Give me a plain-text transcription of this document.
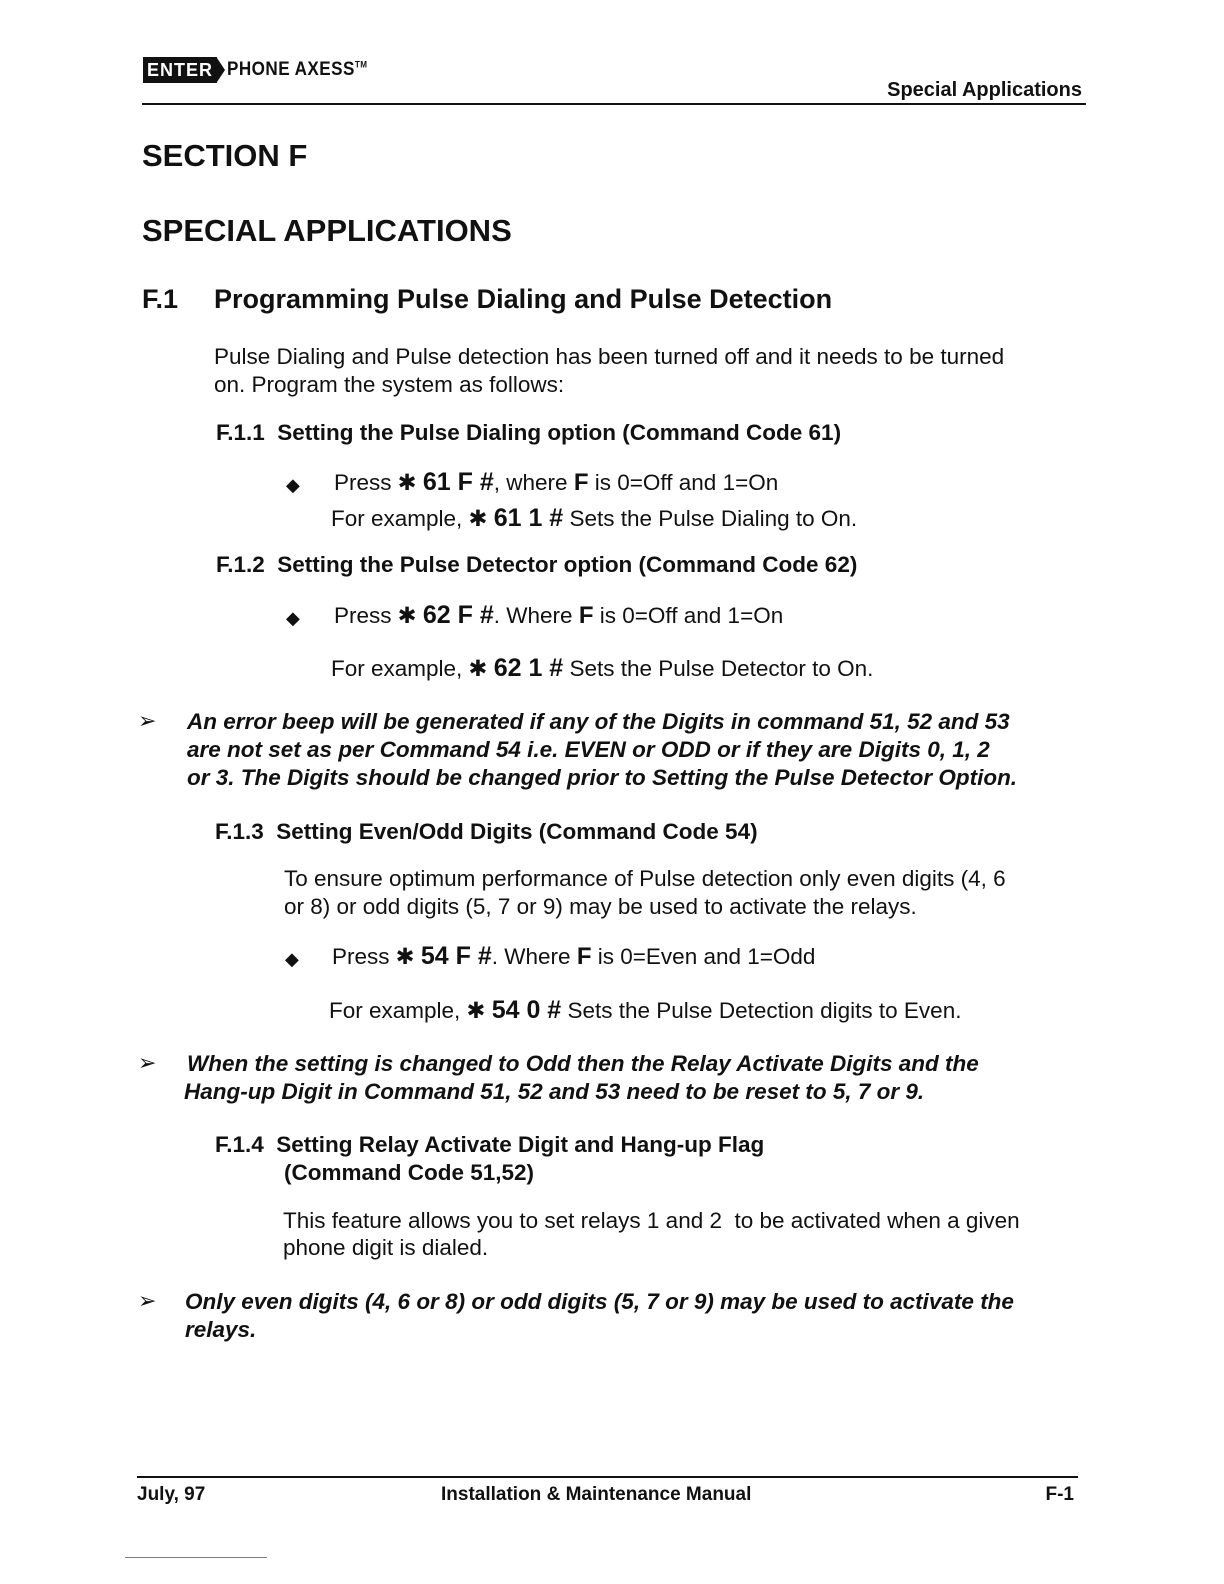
ENTER PHONE AXESS™
Special Applications
SECTION F
SPECIAL APPLICATIONS
F.1 Programming Pulse Dialing and Pulse Detection
Pulse Dialing and Pulse detection has been turned off and it needs to be turned
on. Program the system as follows:
F.1.1  Setting the Pulse Dialing option (Command Code 61)
◆ Press ✱ 61 F #, where F is 0=Off and 1=On
For example, ✱ 61 1 # Sets the Pulse Dialing to On.
F.1.2  Setting the Pulse Detector option (Command Code 62)
◆ Press ✱ 62 F #. Where F is 0=Off and 1=On
For example, ✱ 62 1 # Sets the Pulse Detector to On.
➢ An error beep will be generated if any of the Digits in command 51, 52 and 53
are not set as per Command 54 i.e. EVEN or ODD or if they are Digits 0, 1, 2
or 3. The Digits should be changed prior to Setting the Pulse Detector Option.
F.1.3  Setting Even/Odd Digits (Command Code 54)
To ensure optimum performance of Pulse detection only even digits (4, 6
or 8) or odd digits (5, 7 or 9) may be used to activate the relays.
◆ Press ✱ 54 F #. Where F is 0=Even and 1=Odd
For example, ✱ 54 0 # Sets the Pulse Detection digits to Even.
➢ When the setting is changed to Odd then the Relay Activate Digits and the
Hang-up Digit in Command 51, 52 and 53 need to be reset to 5, 7 or 9.
F.1.4  Setting Relay Activate Digit and Hang-up Flag
(Command Code 51,52)
This feature allows you to set relays 1 and 2  to be activated when a given
phone digit is dialed.
➢ Only even digits (4, 6 or 8) or odd digits (5, 7 or 9) may be used to activate the
relays.
July, 97	Installation & Maintenance Manual	F-1
